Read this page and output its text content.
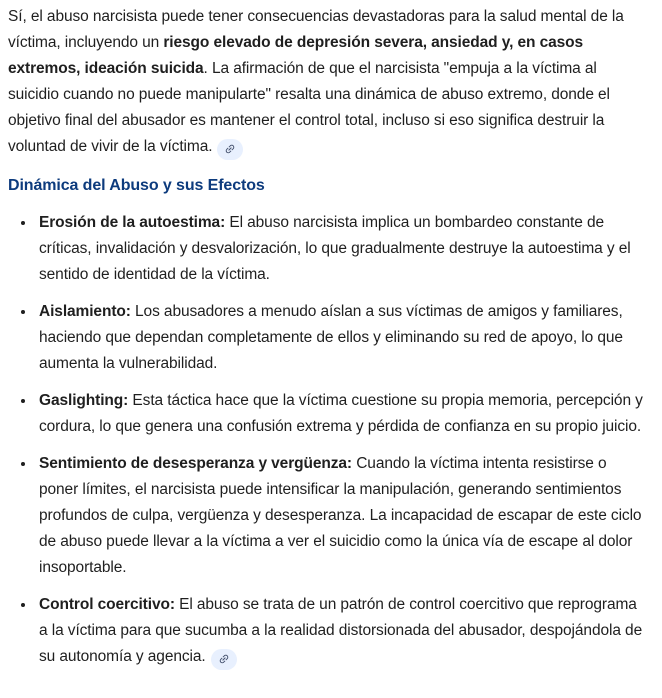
Sí, el abuso narcisista puede tener consecuencias devastadoras para la salud mental de la víctima, incluyendo un riesgo elevado de depresión severa, ansiedad y, en casos extremos, ideación suicida. La afirmación de que el narcisista "empuja a la víctima al suicidio cuando no puede manipularte" resalta una dinámica de abuso extremo, donde el objetivo final del abusador es mantener el control total, incluso si eso significa destruir la voluntad de vivir de la víctima.

Dinámica del Abuso y sus Efectos
Erosión de la autoestima: El abuso narcisista implica un bombardeo constante de críticas, invalidación y desvalorización, lo que gradualmente destruye la autoestima y el sentido de identidad de la víctima.
Aislamiento: Los abusadores a menudo aíslan a sus víctimas de amigos y familiares, haciendo que dependan completamente de ellos y eliminando su red de apoyo, lo que aumenta la vulnerabilidad.
Gaslighting: Esta táctica hace que la víctima cuestione su propia memoria, percepción y cordura, lo que genera una confusión extrema y pérdida de confianza en su propio juicio.
Sentimiento de desesperanza y vergüenza: Cuando la víctima intenta resistirse o poner límites, el narcisista puede intensificar la manipulación, generando sentimientos profundos de culpa, vergüenza y desesperanza. La incapacidad de escapar de este ciclo de abuso puede llevar a la víctima a ver el suicidio como la única vía de escape al dolor insoportable.
Control coercitivo: El abuso se trata de un patrón de control coercitivo que reprograma a la víctima para que sucumba a la realidad distorsionada del abusador, despojándola de su autonomía y agencia.
